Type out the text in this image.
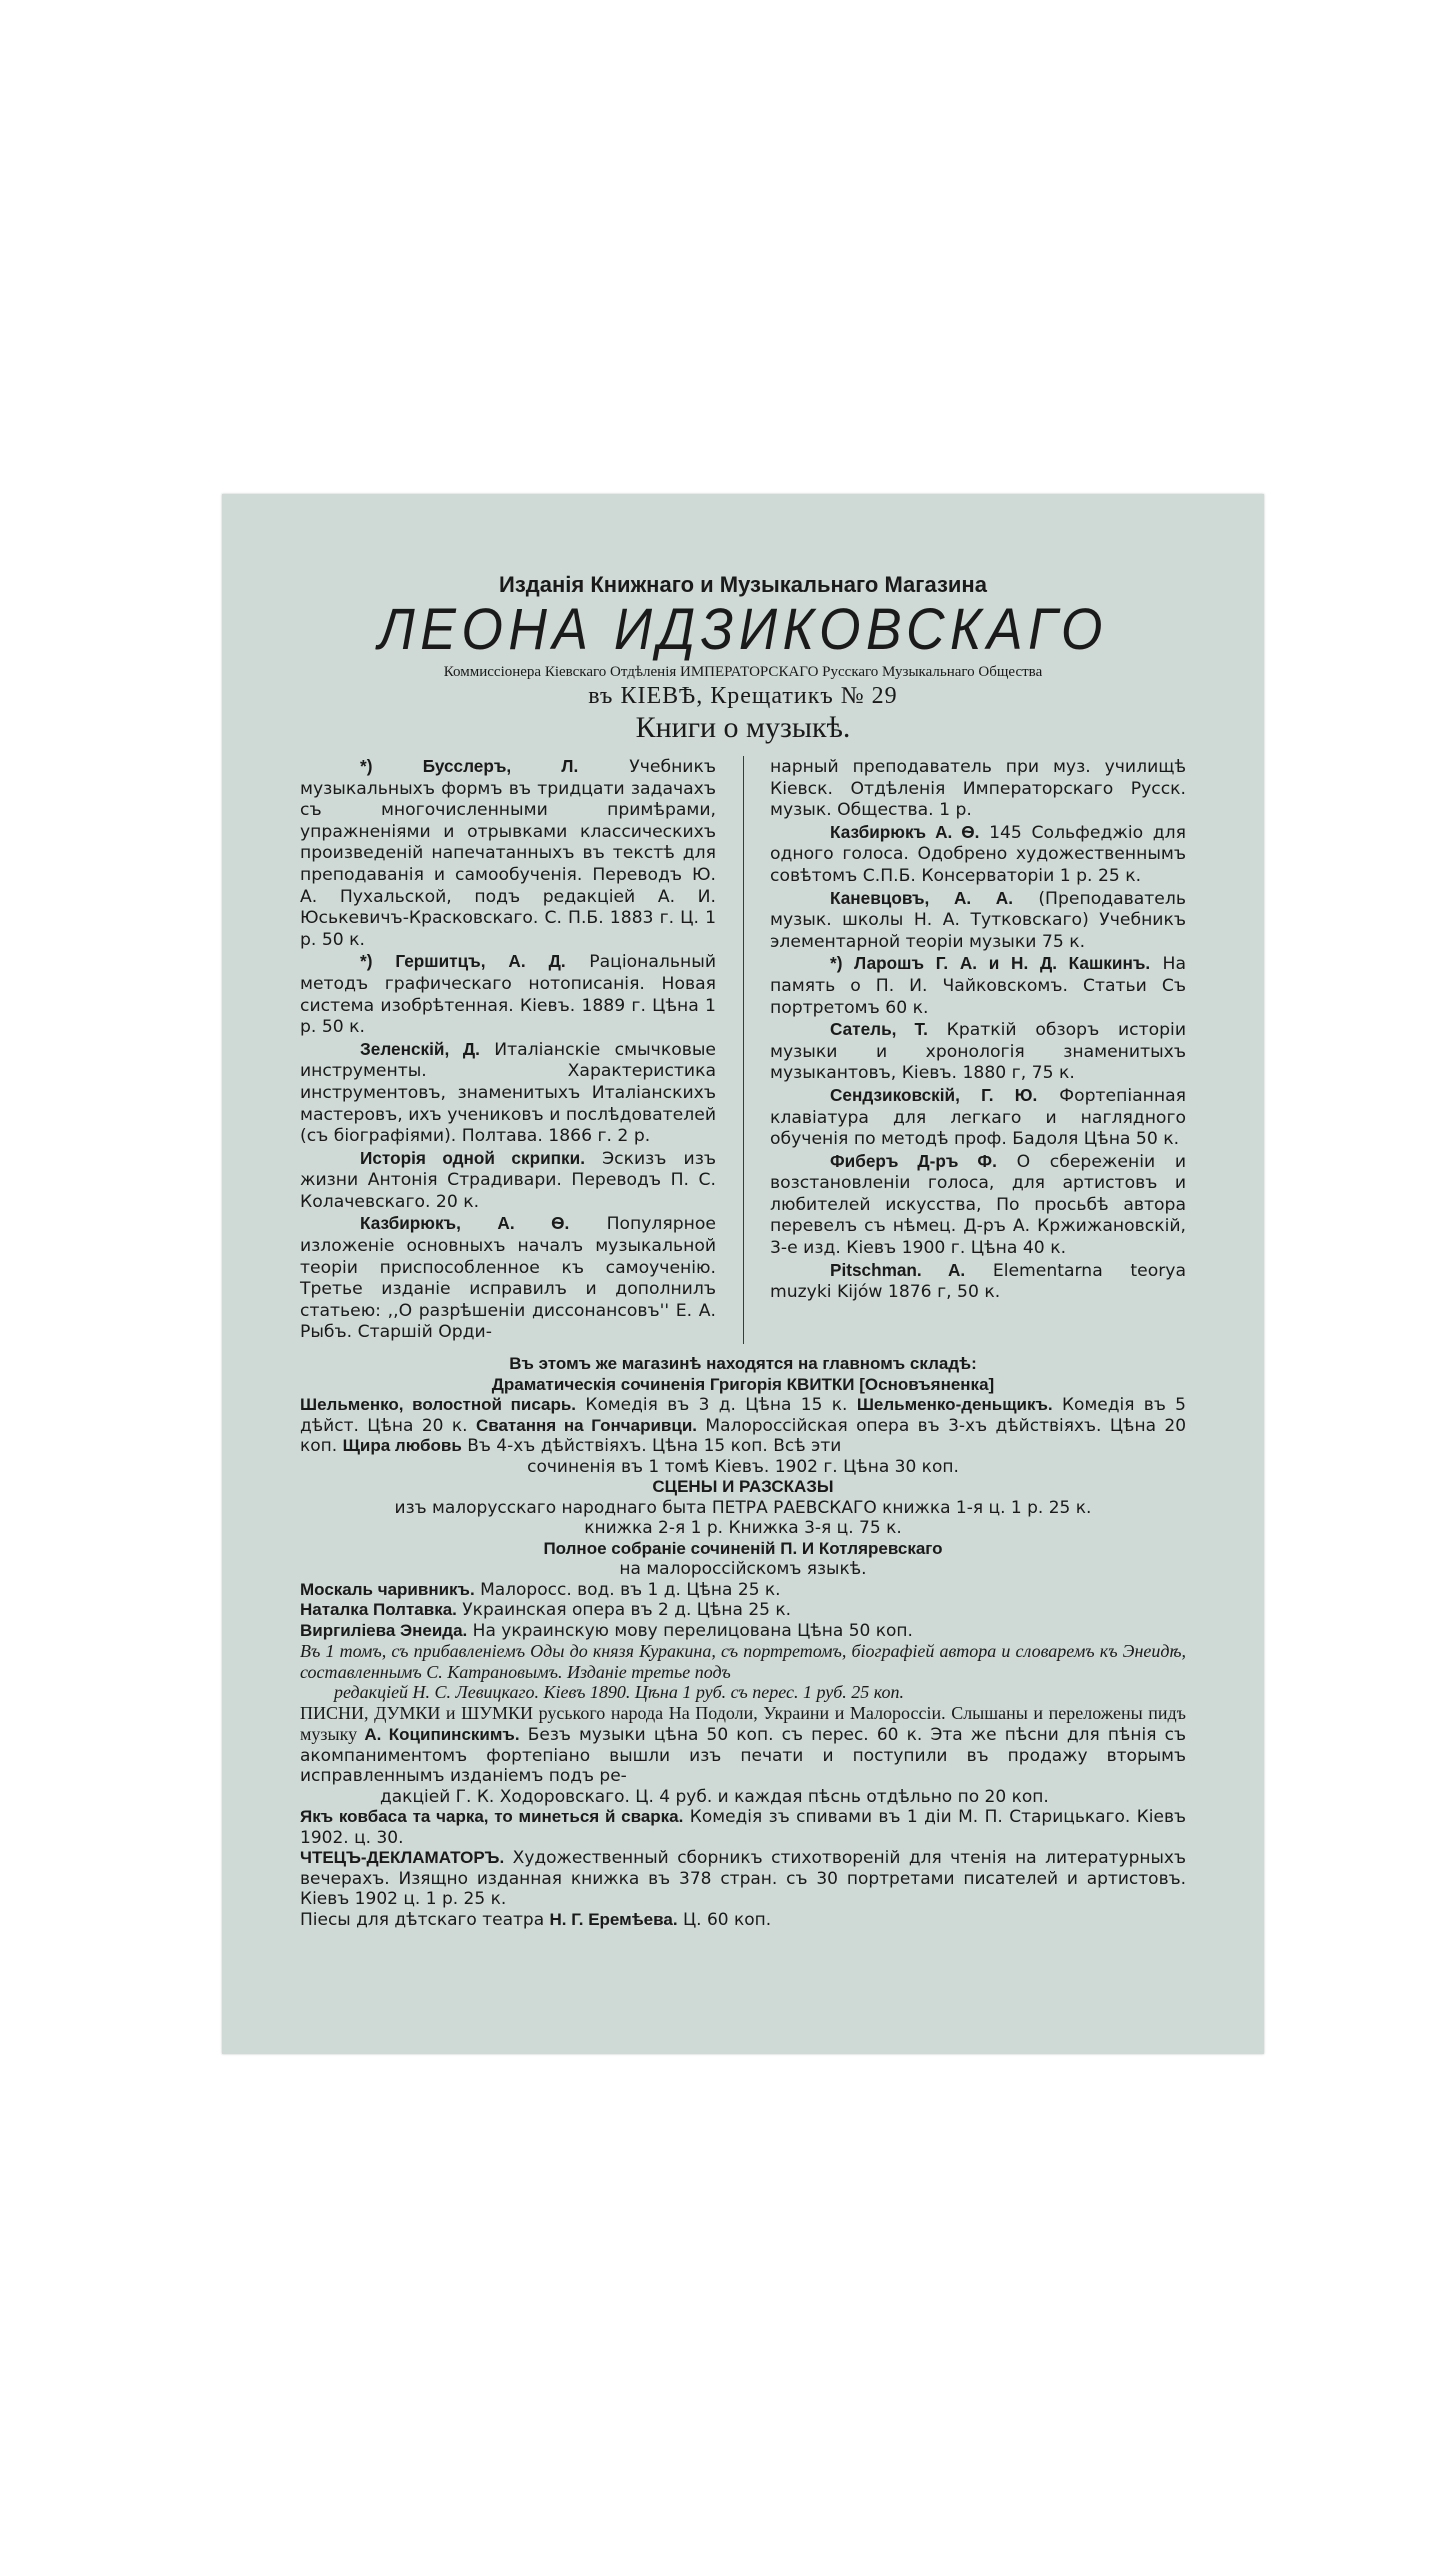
Изданія Книжнаго и Музыкальнаго Магазина
ЛЕОНА ИДЗИКОВСКАГО
Коммиссіонера Кіевскаго Отдѣленія ИМПЕРАТОРСКАГО Русскаго Музыкальнаго Общества
въ КІЕВѢ, Крещатикъ № 29
Книги о музыкѣ.

*) Бусслеръ, Л. Учебникъ музыкальныхъ формъ въ тридцати задачахъ съ многочисленными примѣрами, упражненіями и отрывками классическихъ произведеній напечатанныхъ въ текстѣ для преподаванія и самообученія. Переводъ Ю. А. Пухальской, подъ редакціей А. И. Юськевичъ-Красковскаго. С. П.Б. 1883 г. Ц. 1 р. 50 к.

*) Гершитцъ, А. Д. Раціональный методъ графическаго нотописанія. Новая система изобрѣтенная. Кіевъ. 1889 г. Цѣна 1 р. 50 к.

Зеленскій, Д. Италіанскіе смычковые инструменты. Характеристика инструментовъ, знаменитыхъ Италіанскихъ мастеровъ, ихъ учениковъ и послѣдователей (съ біографіями). Полтава. 1866 г. 2 р.

Исторія одной скрипки. Эскизъ изъ жизни Антонія Страдивари. Переводъ П. С. Колачевскаго. 20 к.

Казбирюкъ, А. Ѳ. Популярное изложеніе основныхъ началъ музыкальной теоріи приспособленное къ самоученію. Третье изданіе исправилъ и дополнилъ статьею: ,,О разрѣшеніи диссонансовъ'' Е. А. Рыбъ. Старшій Орди-

нарный преподаватель при муз. училищѣ Кіевск. Отдѣленія Императорскаго Русск. музык. Общества. 1 р.

Казбирюкъ А. Ѳ. 145 Сольфеджіо для одного голоса. Одобрено художественнымъ совѣтомъ С.П.Б. Консерваторіи 1 р. 25 к.

Каневцовъ, А. А. (Преподаватель музык. школы Н. А. Тутковскаго) Учебникъ элементарной теоріи музыки 75 к.

*) Ларошъ Г. А. и Н. Д. Кашкинъ. На память о П. И. Чайковскомъ. Статьи Съ портретомъ 60 к.

Сатель, Т. Краткій обзоръ исторіи музыки и хронологія знаменитыхъ музыкантовъ, Кіевъ. 1880 г, 75 к.

Сендзиковскій, Г. Ю. Фортепіанная клавіатура для легкаго и наглядного обученія по методѣ проф. Бадоля Цѣна 50 к.

Фиберъ Д-ръ Ф. О сбереженіи и возстановленіи голоса, для артистовъ и любителей искусства, По просьбѣ автора перевелъ съ нѣмец. Д-ръ А. Кржижановскій, 3-е изд. Кіевъ 1900 г. Цѣна 40 к.

Pitschman. A. Elementarna teorya muzyki Kijów 1876 г, 50 к.

Въ этомъ же магазинѣ находятся на главномъ складѣ:
Драматическія сочиненія Григорія КВИТКИ [Основъяненка]
Шельменко, волостной писарь. Комедія въ 3 д. Цѣна 15 к. Шельменко-деньщикъ. Комедія въ 5 дѣйст. Цѣна 20 к. Сватання на Гончаривци. Малороссійская опера въ 3-хъ дѣйствіяхъ. Цѣна 20 коп. Щира любовь Въ 4-хъ дѣйствіяхъ. Цѣна 15 коп. Всѣ эти
сочиненія въ 1 томѣ Кіевъ. 1902 г. Цѣна 30 коп.
СЦЕНЫ И РАЗСКАЗЫ
изъ малорусскаго народнаго быта ПЕТРА РАЕВСКАГО книжка 1-я ц. 1 р. 25 к.
книжка 2-я 1 р. Книжка 3-я ц. 75 к.
Полное собраніе сочиненій П. И Котляревскаго
на малороссійскомъ языкѣ.
Москаль чаривникъ. Малоросс. вод. въ 1 д. Цѣна 25 к.
Наталка Полтавка. Украинская опера въ 2 д. Цѣна 25 к.
Виргиліева Энеида. На украинскую мову перелицована Цѣна 50 коп.
Въ 1 томъ, съ прибавленіемъ Оды до князя Куракина, съ портретомъ, біографіей автора и словаремъ къ Энеидѣ, составленнымъ С. Катрановымъ. Изданіе третье подъ
редакціей Н. С. Левицкаго. Кіевъ 1890. Цѣна 1 руб. съ перес. 1 руб. 25 коп.
ПИСНИ, ДУМКИ и ШУМКИ руського народа На Подоли, Украини и Малороссіи. Слышаны и переложены пидъ музыку А. Коципинскимъ. Безъ музыки цѣна 50 коп. съ перес. 60 к. Эта же пѣсни для пѣнія съ акомпаниментомъ фортепіано вышли изъ печати и поступили въ продажу вторымъ исправленнымъ изданіемъ подъ ре-
дакціей Г. К. Ходоровскаго. Ц. 4 руб. и каждая пѣснь отдѣльно по 20 коп.
Якъ ковбаса та чарка, то минеться й сварка. Комедія зъ спивами въ 1 діи М. П. Старицькаго. Кіевъ 1902. ц. 30.
ЧТЕЦЪ-ДЕКЛАМАТОРЪ. Художественный сборникъ стихотвореній для чтенія на литературныхъ вечерахъ. Изящно изданная книжка въ 378 стран. съ 30 портретами писателей и артистовъ. Кіевъ 1902 ц. 1 р. 25 к.
Піесы для дѣтскаго театра Н. Г. Еремѣева. Ц. 60 коп.
